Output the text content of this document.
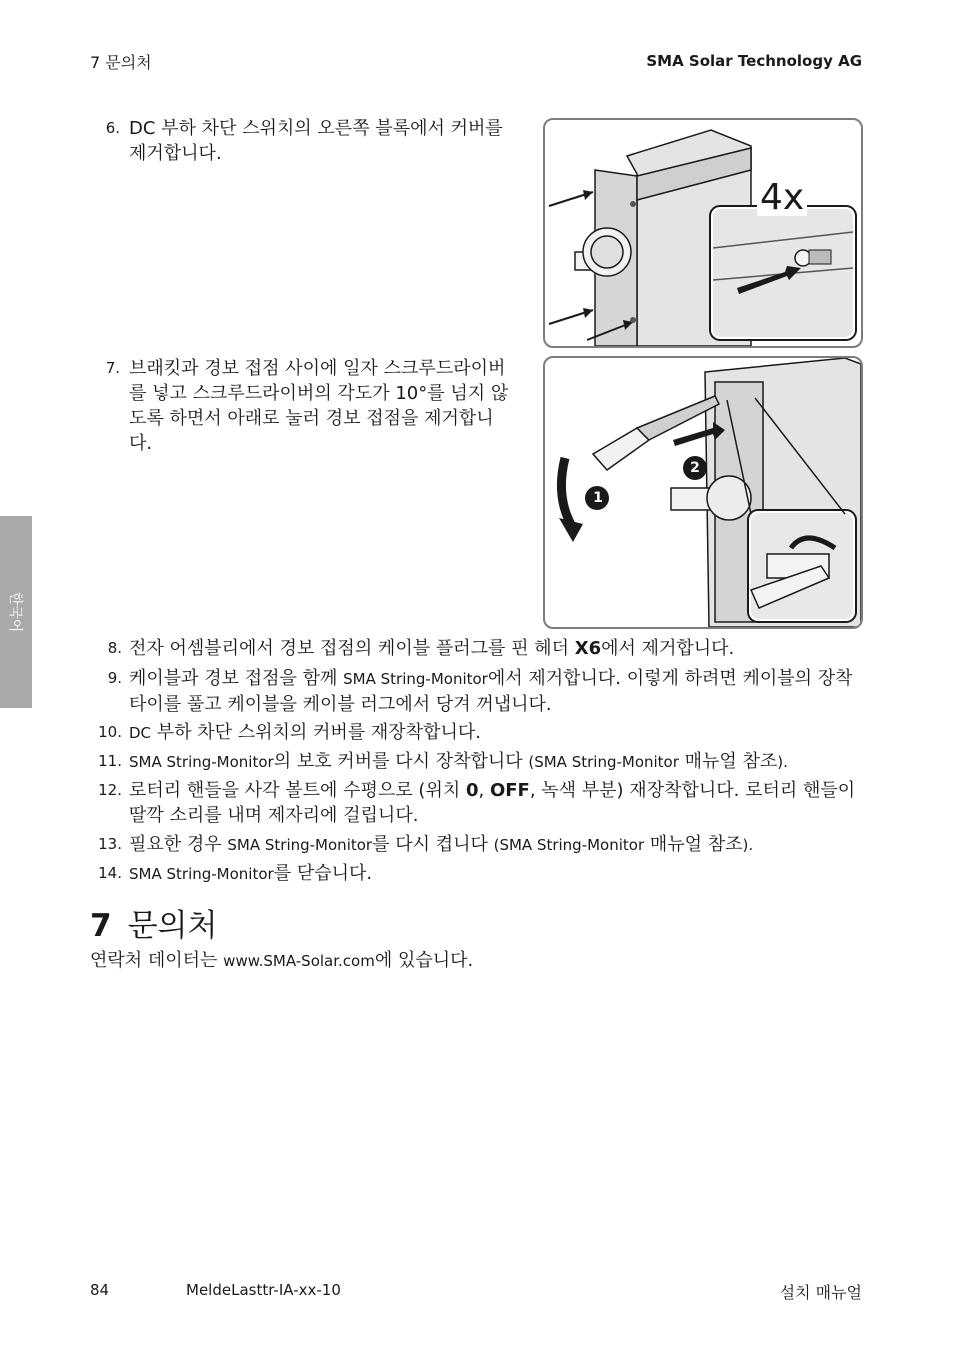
7 문의처	SMA Solar Technology AG
한국어
6. DC 부하 차단 스위치의 오른쪽 블록에서 커버를 제거합니다.
4x
7. 브래킷과 경보 접점 사이에 일자 스크루드라이버를 넣고 스크루드라이버의 각도가 10°를 넘지 않도록 하면서 아래로 눌러 경보 접점을 제거합니다.
1
2
8. 전자 어셈블리에서 경보 접점의 케이블 플러그를 핀 헤더 X6에서 제거합니다.
9. 케이블과 경보 접점을 함께 SMA String-Monitor에서 제거합니다. 이렇게 하려면 케이블의 장착 타이를 풀고 케이블을 케이블 러그에서 당겨 꺼냅니다.
10. DC 부하 차단 스위치의 커버를 재장착합니다.
11. SMA String-Monitor의 보호 커버를 다시 장착합니다 (SMA String-Monitor 매뉴얼 참조).
12. 로터리 핸들을 사각 볼트에 수평으로 (위치 0, OFF, 녹색 부분) 재장착합니다. 로터리 핸들이 딸깍 소리를 내며 제자리에 걸립니다.
13. 필요한 경우 SMA String-Monitor를 다시 켭니다 (SMA String-Monitor 매뉴얼 참조).
14. SMA String-Monitor를 닫습니다.
7 문의처
연락처 데이터는 www.SMA-Solar.com에 있습니다.
84	MeldeLasttr-IA-xx-10	설치 매뉴얼
